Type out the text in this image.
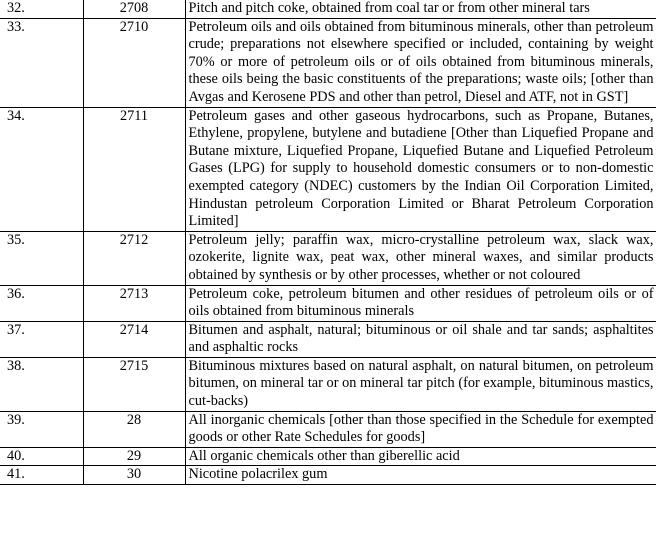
32.	2708	Pitch and pitch coke, obtained from coal tar or from other mineral tars
33.	2710	Petroleum oils and oils obtained from bituminous minerals, other than petroleum crude; preparations not elsewhere specified or included, containing by weight 70% or more of petroleum oils or of oils obtained from bituminous minerals, these oils being the basic constituents of the preparations; waste oils; [other than Avgas and Kerosene PDS and other than petrol, Diesel and ATF, not in GST]
34.	2711	Petroleum gases and other gaseous hydrocarbons, such as Propane, Butanes, Ethylene, propylene, butylene and butadiene [Other than Liquefied Propane and Butane mixture, Liquefied Propane, Liquefied Butane and Liquefied Petroleum Gases (LPG) for supply to household domestic consumers or to non-domestic exempted category (NDEC) customers by the Indian Oil Corporation Limited, Hindustan petroleum Corporation Limited or Bharat Petroleum Corporation Limited]
35.	2712	Petroleum jelly; paraffin wax, micro-crystalline petroleum wax, slack wax, ozokerite, lignite wax, peat wax, other mineral waxes, and similar products obtained by synthesis or by other processes, whether or not coloured
36.	2713	Petroleum coke, petroleum bitumen and other residues of petroleum oils or of oils obtained from bituminous minerals
37.	2714	Bitumen and asphalt, natural; bituminous or oil shale and tar sands; asphaltites and asphaltic rocks
38.	2715	Bituminous mixtures based on natural asphalt, on natural bitumen, on petroleum bitumen, on mineral tar or on mineral tar pitch (for example, bituminous mastics, cut-backs)
39.	28	All inorganic chemicals [other than those specified in the Schedule for exempted goods or other Rate Schedules for goods]
40.	29	All organic chemicals other than giberellic acid
41.	30	Nicotine polacrilex gum
